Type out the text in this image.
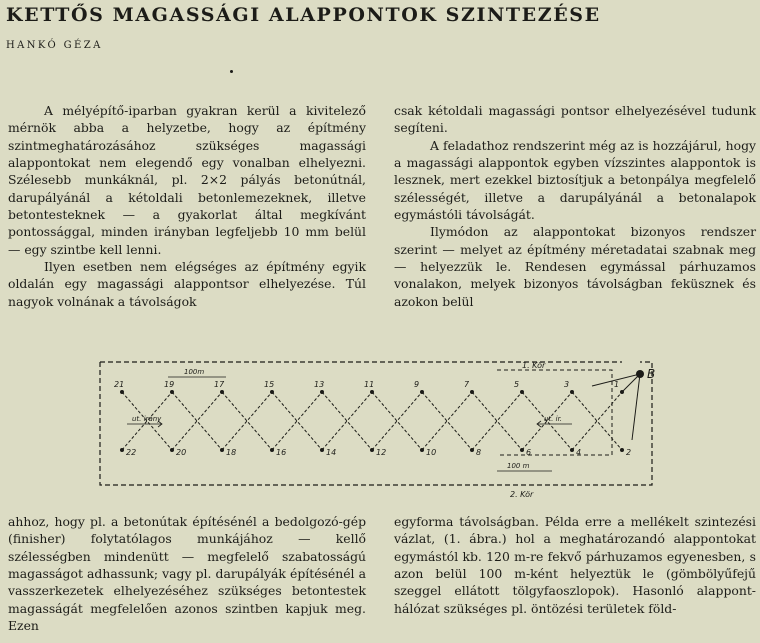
KETTŐS MAGASSÁGI ALAPPONTOK SZINTEZÉSE
HANKÓ GÉZA

A mélyépítő-iparban gyakran kerül a kivitelező mérnök abba a helyzetbe, hogy az építmény szintmeghatározásához szükséges magassági alappontokat nem elegendő egy vonalban elhelyezni. Szélesebb munkáknál, pl. 2×2 pályás betonútnál, darupályánál a kétoldali betonlemezeknek, illetve betontesteknek — a gyakorlat által megkívánt pontossággal, minden irányban legfeljebb 10 mm belül — egy szintbe kell lenni.

Ilyen esetben nem elégséges az építmény egyik oldalán egy magassági alappontsor elhelyezése. Túl nagyok volnának a távolságok

csak kétoldali magassági pontsor elhelyezésével tudunk segíteni.

A feladathoz rendszerint még az is hozzájárul, hogy a magassági alappontok egyben vízszintes alappontok is lesznek, mert ezekkel biztosítjuk a betonpálya megfelelő szélességét, illetve a darupályánál a betonalapok egymástóli távolságát.

Ilymódon az alappontokat bizonyos rendszer szerint — melyet az építmény méretadatai szabnak meg — helyezzük le. Rendesen egymással párhuzamos vonalakon, melyek bizonyos távolságban feküsznek és azokon belül

21
22
19
20
17
18
15
16
13
14
11
12
9
10
7
8
5
6
3
4
1
2
B
1. Kör
2. Kör
100m
100 m
ut. irány	ut. ir.

ahhoz, hogy pl. a betonútak építésénél a bedolgozó-gép (finisher) folytatólagos munkájához — kellő szélességben mindenütt — megfelelő szabatosságú magasságot adhassunk; vagy pl. darupályák építésénél a vasszerkezetek elhelyezéséhez szükséges betontestek magasságát megfelelően azonos szintben kapjuk meg. Ezen

egyforma távolságban. Példa erre a mellékelt szintezési vázlat, (1. ábra.) hol a meghatározandó alappontokat egymástól kb. 120 m-re fekvő párhuzamos egyenesben, s azon belül 100 m-ként helyeztük le (gömbölyűfejű szeggel ellátott tölgyfaoszlopok). Hasonló alappont-hálózat szükséges pl. öntözési területek föld-
